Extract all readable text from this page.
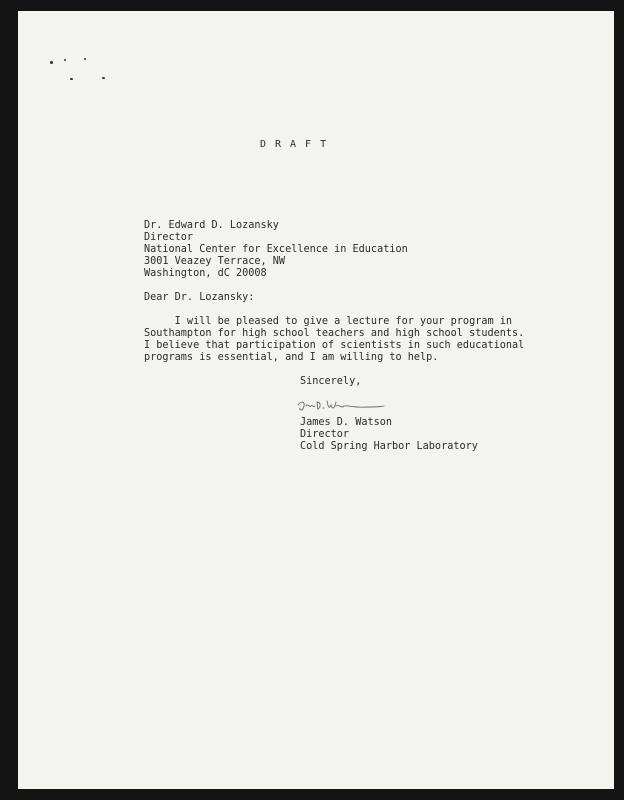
DRAFT
Dr. Edward D. Lozansky
Director
National Center for Excellence in Education
3001 Veazey Terrace, NW
Washington, dC 20008
Dear Dr. Lozansky:
I will be pleased to give a lecture for your program in
Southampton for high school teachers and high school students.
I believe that participation of scientists in such educational
programs is essential, and I am willing to help.
Sincerely,
James D. Watson
Director
Cold Spring Harbor Laboratory
